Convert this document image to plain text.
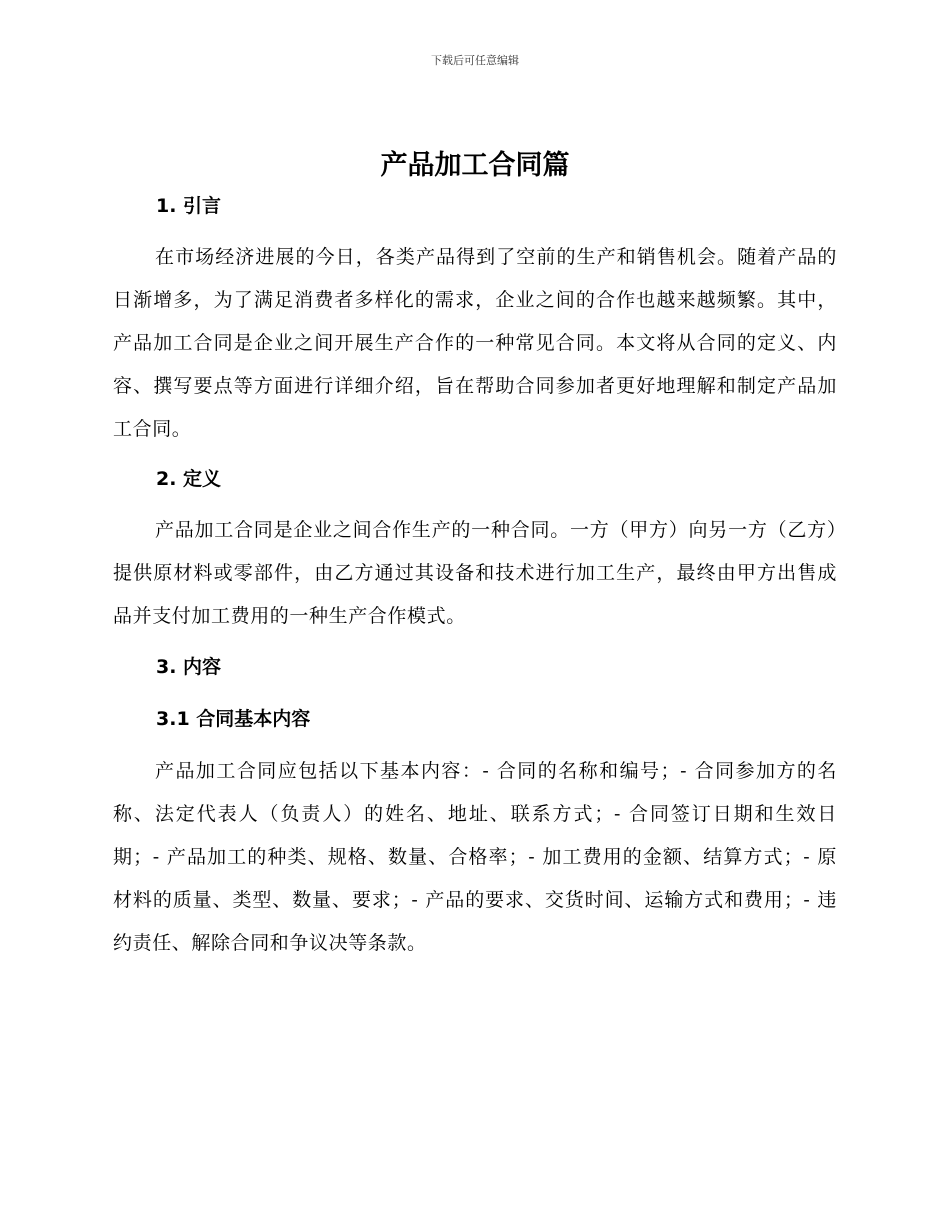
下载后可任意编辑
产品加工合同篇
1. 引言

在市场经济进展的今日，各类产品得到了空前的生产和销售机会。随着产品的日渐增多，为了满足消费者多样化的需求，企业之间的合作也越来越频繁。其中，产品加工合同是企业之间开展生产合作的一种常见合同。本文将从合同的定义、内容、撰写要点等方面进行详细介绍，旨在帮助合同参加者更好地理解和制定产品加工合同。

2. 定义

产品加工合同是企业之间合作生产的一种合同。一方（甲方）向另一方（乙方）提供原材料或零部件，由乙方通过其设备和技术进行加工生产，最终由甲方出售成品并支付加工费用的一种生产合作模式。

3. 内容
3.1 合同基本内容

产品加工合同应包括以下基本内容：- 合同的名称和编号；- 合同参加方的名称、法定代表人（负责人）的姓名、地址、联系方式；- 合同签订日期和生效日期；- 产品加工的种类、规格、数量、合格率；- 加工费用的金额、结算方式；- 原材料的质量、类型、数量、要求；- 产品的要求、交货时间、运输方式和费用；- 违约责任、解除合同和争议决等条款。
